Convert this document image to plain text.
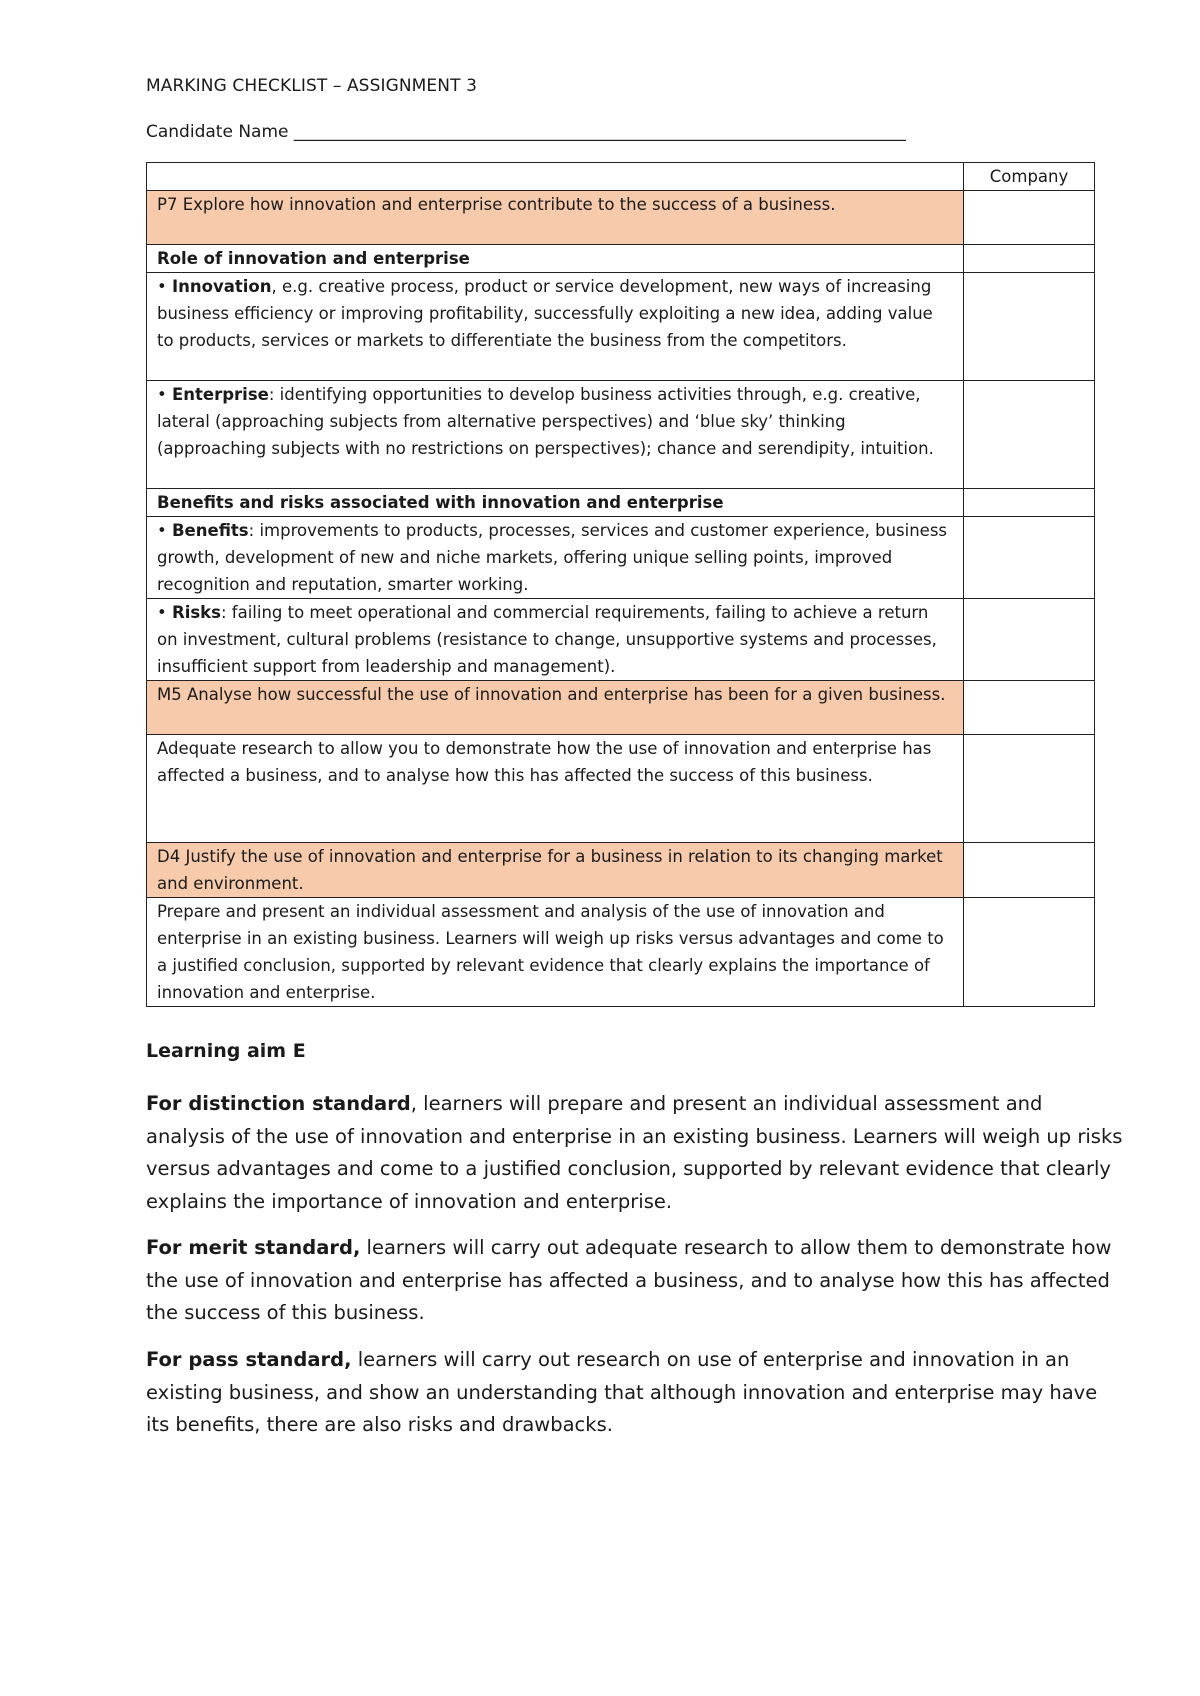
MARKING CHECKLIST – ASSIGNMENT 3
Candidate Name ________________________________________________________________________
	Company
P7 Explore how innovation and enterprise contribute to the success of a business.	
Role of innovation and enterprise	
• Innovation, e.g. creative process, product or service development, new ways of increasing business efficiency or improving profitability, successfully exploiting a new idea, adding value to products, services or markets to differentiate the business from the competitors.	
• Enterprise: identifying opportunities to develop business activities through, e.g. creative, lateral (approaching subjects from alternative perspectives) and ‘blue sky’ thinking (approaching subjects with no restrictions on perspectives); chance and serendipity, intuition.	
Benefits and risks associated with innovation and enterprise	
• Benefits: improvements to products, processes, services and customer experience, business growth, development of new and niche markets, offering unique selling points, improved recognition and reputation, smarter working.	
• Risks: failing to meet operational and commercial requirements, failing to achieve a return on investment, cultural problems (resistance to change, unsupportive systems and processes, insufficient support from leadership and management).	
M5 Analyse how successful the use of innovation and enterprise has been for a given business.	
Adequate research to allow you to demonstrate how the use of innovation and enterprise has affected a business, and to analyse how this has affected the success of this business.	
D4 Justify the use of innovation and enterprise for a business in relation to its changing market and environment.	
Prepare and present an individual assessment and analysis of the use of innovation and enterprise in an existing business. Learners will weigh up risks versus advantages and come to a justified conclusion, supported by relevant evidence that clearly explains the importance of innovation and enterprise.	
Learning aim E
For distinction standard, learners will prepare and present an individual assessment and analysis of the use of innovation and enterprise in an existing business. Learners will weigh up risks versus advantages and come to a justified conclusion, supported by relevant evidence that clearly explains the importance of innovation and enterprise.
For merit standard, learners will carry out adequate research to allow them to demonstrate how the use of innovation and enterprise has affected a business, and to analyse how this has affected the success of this business.
For pass standard, learners will carry out research on use of enterprise and innovation in an existing business, and show an understanding that although innovation and enterprise may have its benefits, there are also risks and drawbacks.
